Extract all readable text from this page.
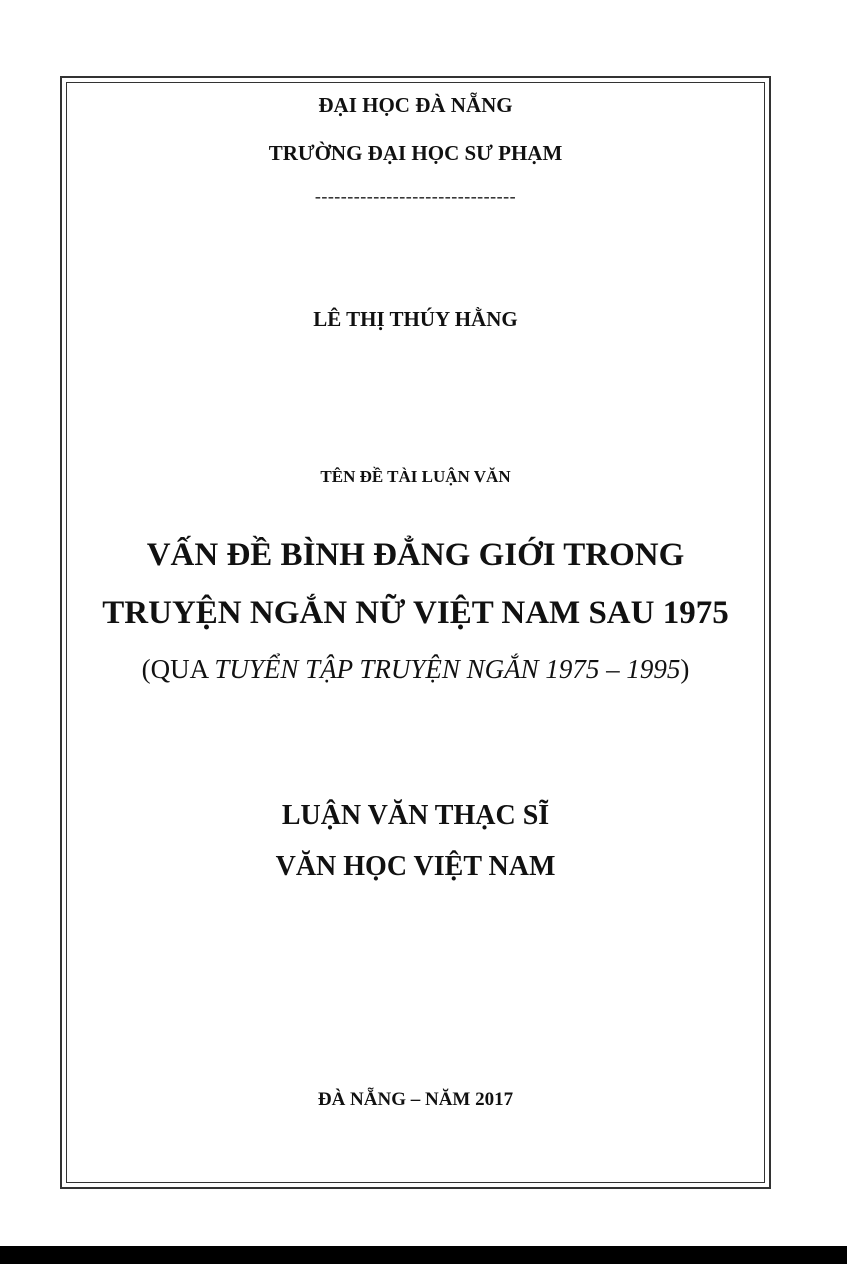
ĐẠI HỌC ĐÀ NẴNG
TRƯỜNG ĐẠI HỌC SƯ PHẠM
-------------------------------
LÊ THỊ THÚY HẰNG
TÊN ĐỀ TÀI LUẬN VĂN
VẤN ĐỀ BÌNH ĐẲNG GIỚI TRONG
TRUYỆN NGẮN NỮ VIỆT NAM SAU 1975
(QUA TUYỂN TẬP TRUYỆN NGẮN 1975 – 1995)
LUẬN VĂN THẠC SĨ
VĂN HỌC VIỆT NAM
ĐÀ NẴNG – NĂM 2017
